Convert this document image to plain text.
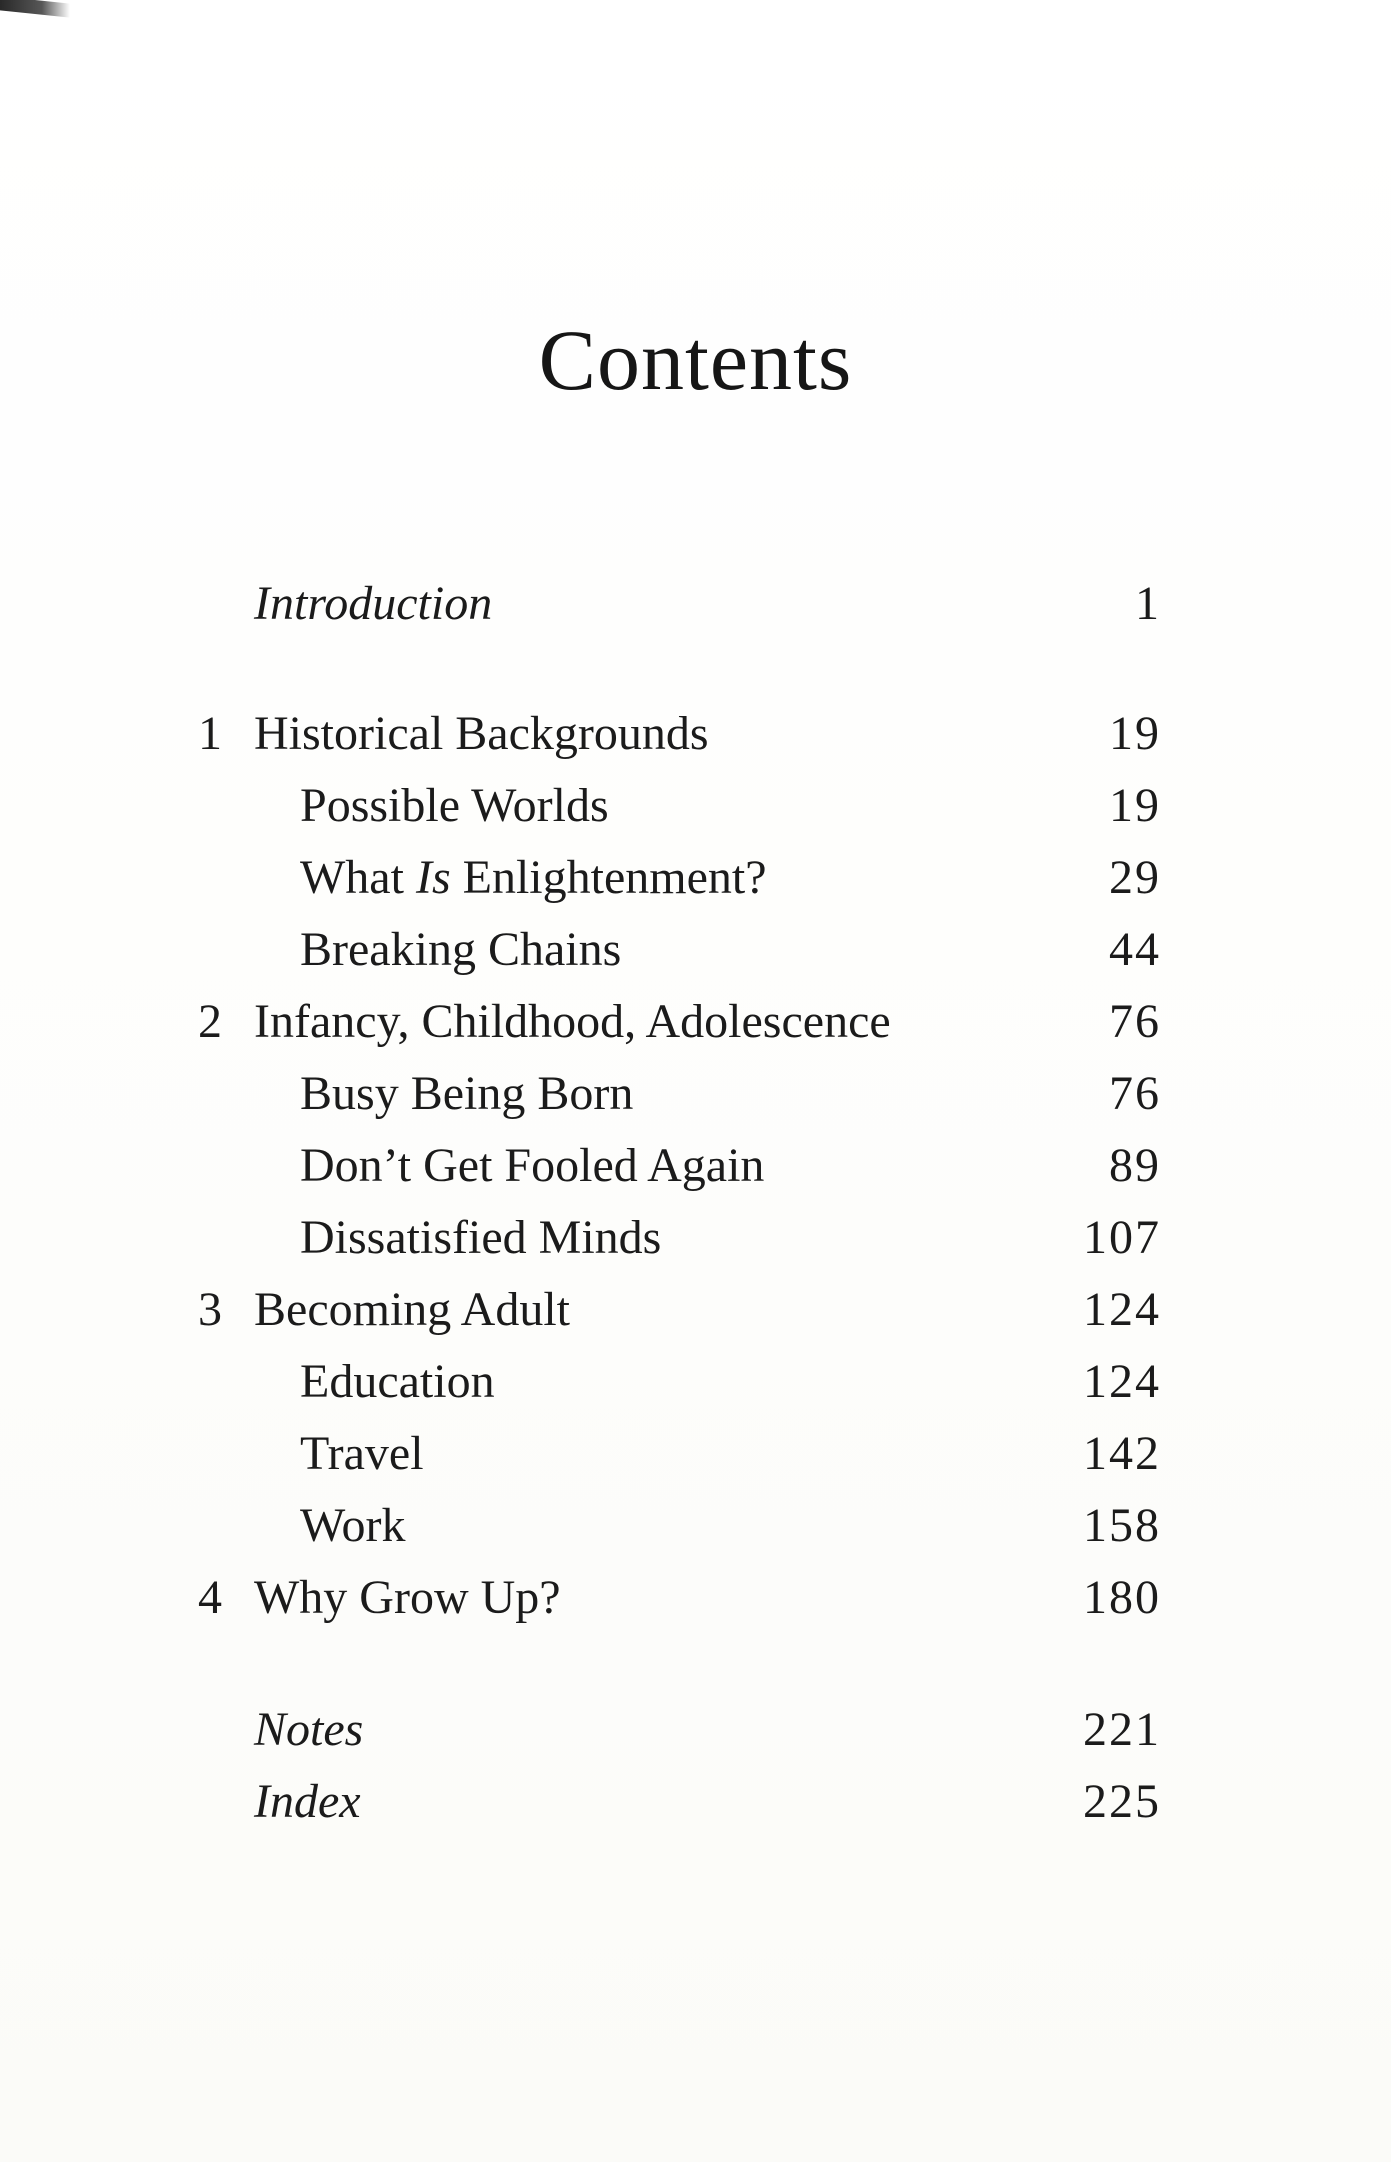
Contents
Introduction	1
1 Historical Backgrounds	19
Possible Worlds	19
What Is Enlightenment?	29
Breaking Chains	44
2 Infancy, Childhood, Adolescence	76
Busy Being Born	76
Don’t Get Fooled Again	89
Dissatisfied Minds	107
3 Becoming Adult	124
Education	124
Travel	142
Work	158
4 Why Grow Up?	180
Notes	221
Index	225
